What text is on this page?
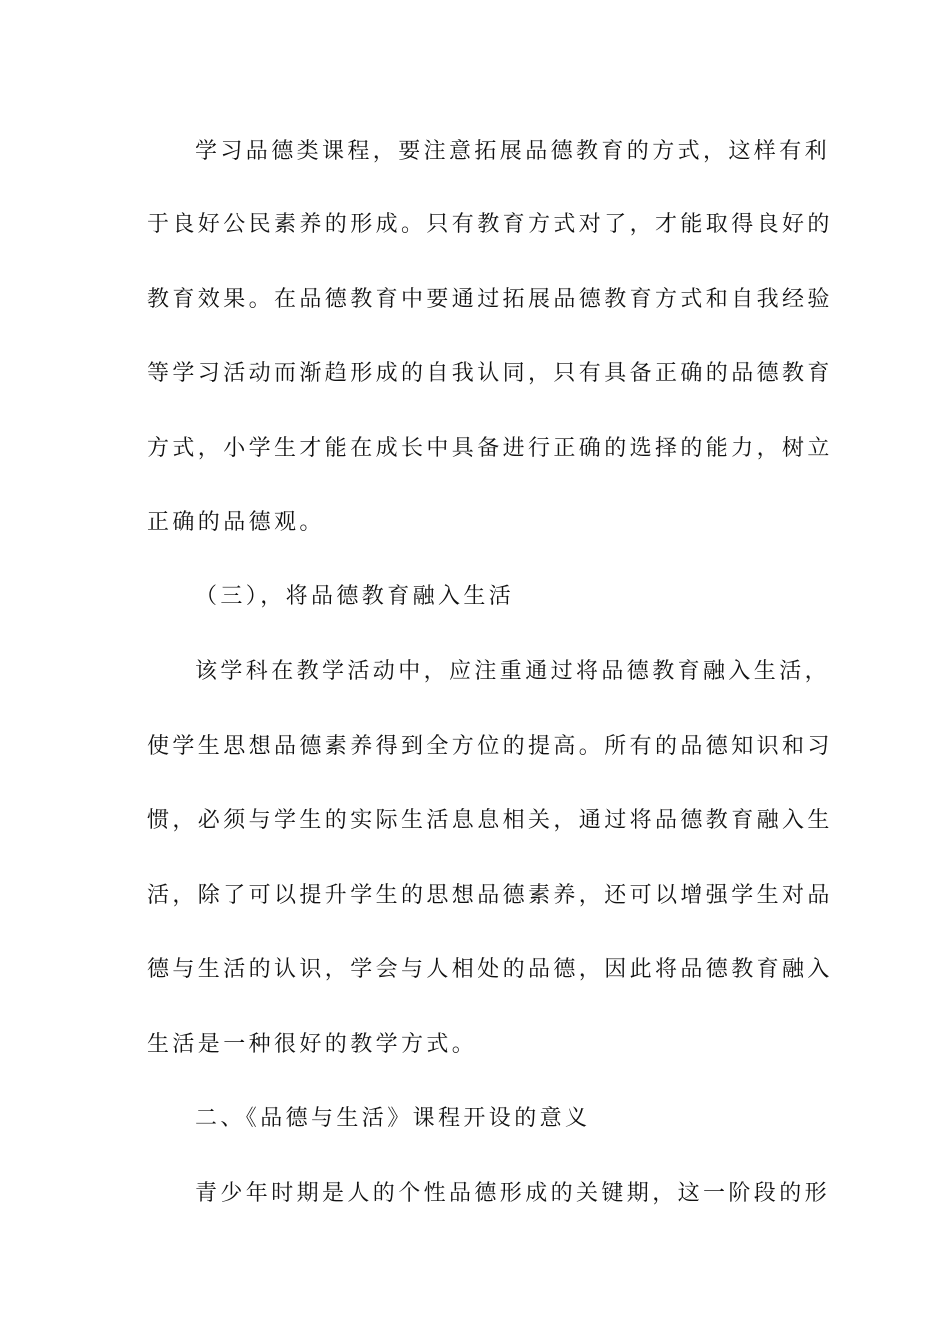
学习品德类课程，要注意拓展品德教育的方式，这样有利
于良好公民素养的形成。只有教育方式对了，才能取得良好的
教育效果。在品德教育中要通过拓展品德教育方式和自我经验
等学习活动而渐趋形成的自我认同，只有具备正确的品德教育
方式，小学生才能在成长中具备进行正确的选择的能力，树立
正确的品德观。
（三），将品德教育融入生活
该学科在教学活动中，应注重通过将品德教育融入生活，
使学生思想品德素养得到全方位的提高。所有的品德知识和习
惯，必须与学生的实际生活息息相关，通过将品德教育融入生
活，除了可以提升学生的思想品德素养，还可以增强学生对品
德与生活的认识，学会与人相处的品德，因此将品德教育融入
生活是一种很好的教学方式。
二、《品德与生活》课程开设的意义
青少年时期是人的个性品德形成的关键期，这一阶段的形
